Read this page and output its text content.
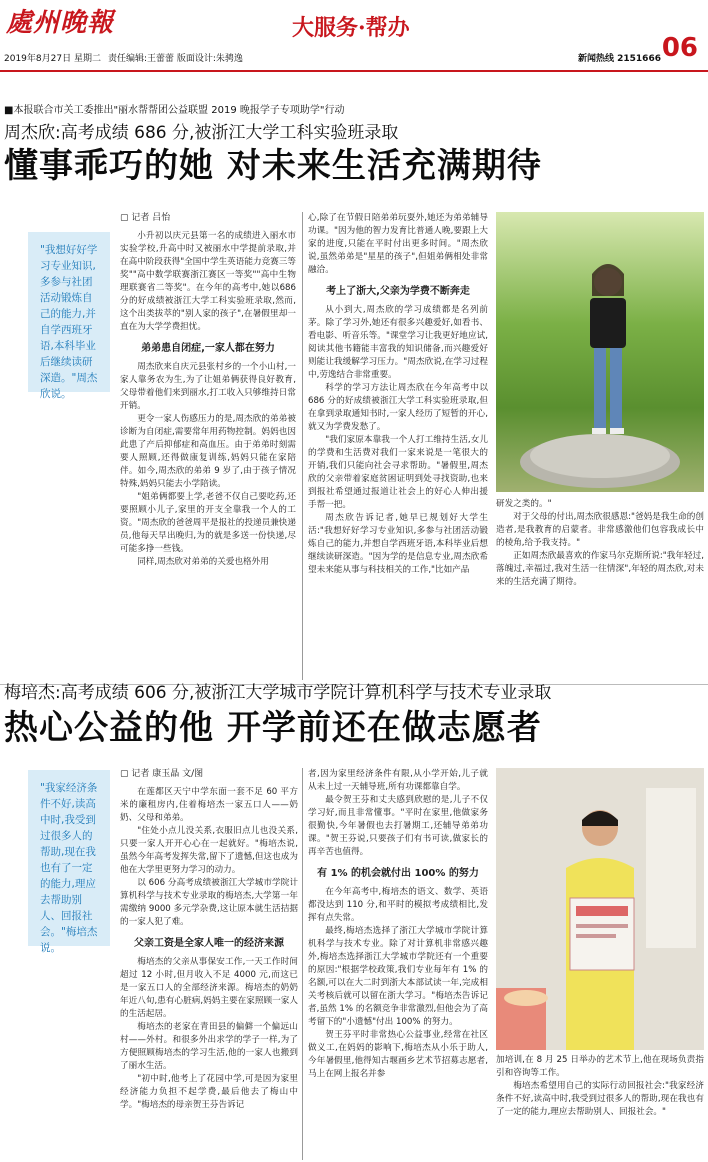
處州晚報	大服务·帮办
06
2019年8月27日 星期二 责任编辑:王蕾蕾 版面设计:朱骋逸	新闻热线 2151666
■本报联合市关工委推出"丽水帮帮团公益联盟 2019 晚报学子专项助学"行动
周杰欣:高考成绩 686 分,被浙江大学工科实验班录取
懂事乖巧的她 对未来生活充满期待
"我想好好学习专业知识,多参与社团活动锻炼自己的能力,并自学西班牙语,本科毕业后继续读研深造。"周杰欣说。
▢ 记者 吕怡

小升初以庆元县第一名的成绩进入丽水市实验学校,升高中时又被丽水中学提前录取,并在高中阶段获得"全国中学生英语能力竞赛三等奖""高中数学联赛浙江赛区一等奖""高中生物理联赛省二等奖"。在今年的高考中,她以686分的好成绩被浙江大学工科实验班录取,然而,这个出类拔萃的"别人家的孩子",在暑假里却一直在为大学学费担忧。

弟弟患自闭症,一家人都在努力

周杰欣来自庆元县张村乡的一个小山村,一家人靠务农为生,为了让姐弟俩获得良好教育,父母带着他们来到丽水,打工收入只够维持日常开销。

更令一家人伤感压力的是,周杰欣的弟弟被诊断为自闭症,需要常年用药物控制。妈妈也因此患了产后抑郁症和高血压。由于弟弟时刻需要人照顾,还得做康复训练,妈妈只能在家陪伴。如今,周杰欣的弟弟 9 岁了,由于孩子情况特殊,妈妈只能去小学陪读。

"姐弟俩都要上学,老爸不仅自己要吃药,还要照顾小儿子,家里的开支全靠我一个人的工资。"周杰欣的爸爸周平是报社的投递员兼快递员,他每天早出晚归,为的就是多送一份快递,尽可能多挣一些钱。

同样,周杰欣对弟弟的关爱也格外用

心,除了在节假日陪弟弟玩耍外,她还为弟弟辅导功课。"因为他的智力发育比普通人晚,要跟上大家的进度,只能在平时付出更多时间。"周杰欣说,虽然弟弟是"星星的孩子",但姐弟俩相处非常融洽。

考上了浙大,父亲为学费不断奔走

从小到大,周杰欣的学习成绩都是名列前茅。除了学习外,她还有很多兴趣爱好,如看书、看电影、听音乐等。"课堂学习让我更好地应试,阅读其他书籍能丰富我的知识储备,而兴趣爱好则能让我缓解学习压力。"周杰欣说,在学习过程中,劳逸结合非常重要。

科学的学习方法让周杰欣在今年高考中以 686 分的好成绩被浙江大学工科实验班录取,但在拿到录取通知书时,一家人经历了短暂的开心,就又为学费发愁了。

"我们家原本靠我一个人打工维持生活,女儿的学费和生活费对我们一家来说是一笔很大的开销,我们只能向社会寻求帮助。"暑假里,周杰欣的父亲带着家庭贫困证明到处寻找资助,也来到报社希望通过报道让社会上的好心人伸出援手帮一把。

周杰欣告诉记者,她早已规划好大学生活:"我想好好学习专业知识,多参与社团活动锻炼自己的能力,并想自学西班牙语,本科毕业后想继续读研深造。"因为学的是信息专业,周杰欣希望未来能从事与科技相关的工作,"比如产品

研发之类的。"

对于父母的付出,周杰欣很感恩:"爸妈是我生命的创造者,是我教育的启蒙者。非常感激他们包容我成长中的棱角,给予我支持。"

正如周杰欣最喜欢的作家马尔克斯所说:"我年轻过,落魄过,幸福过,我对生活一往情深",年轻的周杰欣,对未来的生活充满了期待。

梅培杰:高考成绩 606 分,被浙江大学城市学院计算机科学与技术专业录取
热心公益的他 开学前还在做志愿者
"我家经济条件不好,读高中时,我受到过很多人的帮助,现在我也有了一定的能力,理应去帮助别人、回报社会。"梅培杰说。
▢ 记者 康玉晶 文/图

在莲都区天宁中学东面一套不足 60 平方米的廉租房内,住着梅培杰一家五口人——奶奶、父母和弟弟。

"住处小点儿没关系,衣服旧点儿也没关系,只要一家人开开心心在一起就好。"梅培杰说,虽然今年高考发挥失常,留下了遗憾,但这也成为他在大学里更努力学习的动力。

以 606 分高考成绩被浙江大学城市学院计算机科学与技术专业录取的梅培杰,大学第一年需缴纳 9000 多元学杂费,这让原本就生活拮据的一家人犯了难。

父亲工资是全家人唯一的经济来源

梅培杰的父亲从事保安工作,一天工作时间超过 12 小时,但月收入不足 4000 元,而这已是一家五口人的全部经济来源。梅培杰的奶奶年近八旬,患有心脏病,妈妈主要在家照顾一家人的生活起居。

梅培杰的老家在青田县的偏僻一个偏远山村——外村。和很多外出求学的学子一样,为了方便照顾梅培杰的学习生活,他的一家人也搬到了丽水生活。

"初中时,他考上了花园中学,可是因为家里经济能力负担不起学费,最后他去了梅山中学。"梅培杰的母亲贺王芬告诉记

者,因为家里经济条件有限,从小学开始,儿子就从未上过一天辅导班,所有功课都靠自学。

最令贺王芬和丈夫感到欣慰的是,儿子不仅学习好,而且非常懂事。"平时在家里,他做家务很勤快,今年暑假也去打暑期工,还辅导弟弟功课。"贺王芬说,只要孩子们有书可读,做家长的再辛苦也值得。

有 1% 的机会就付出 100% 的努力

在今年高考中,梅培杰的语文、数学、英语都没达到 110 分,和平时的模拟考成绩相比,发挥有点失常。

最终,梅培杰选择了浙江大学城市学院计算机科学与技术专业。除了对计算机非常感兴趣外,梅培杰选择浙江大学城市学院还有一个重要的原因:"根据学校政策,我们专业每年有 1% 的名额,可以在大二时到浙大本部试读一年,完成相关考核后就可以留在浙大学习。"梅培杰告诉记者,虽然 1% 的名额竞争非常激烈,但他会为了高考留下的"小遗憾"付出 100% 的努力。

贺王芬平时非常热心公益事业,经常在社区做义工,在妈妈的影响下,梅培杰从小乐于助人,今年暑假里,他得知古堰画乡艺术节招募志愿者,马上在网上报名并参

加培训,在 8 月 25 日举办的艺术节上,他在现场负责指引和咨询等工作。

梅培杰希望用自己的实际行动回报社会:"我家经济条件不好,读高中时,我受到过很多人的帮助,现在我也有了一定的能力,理应去帮助别人、回报社会。"
